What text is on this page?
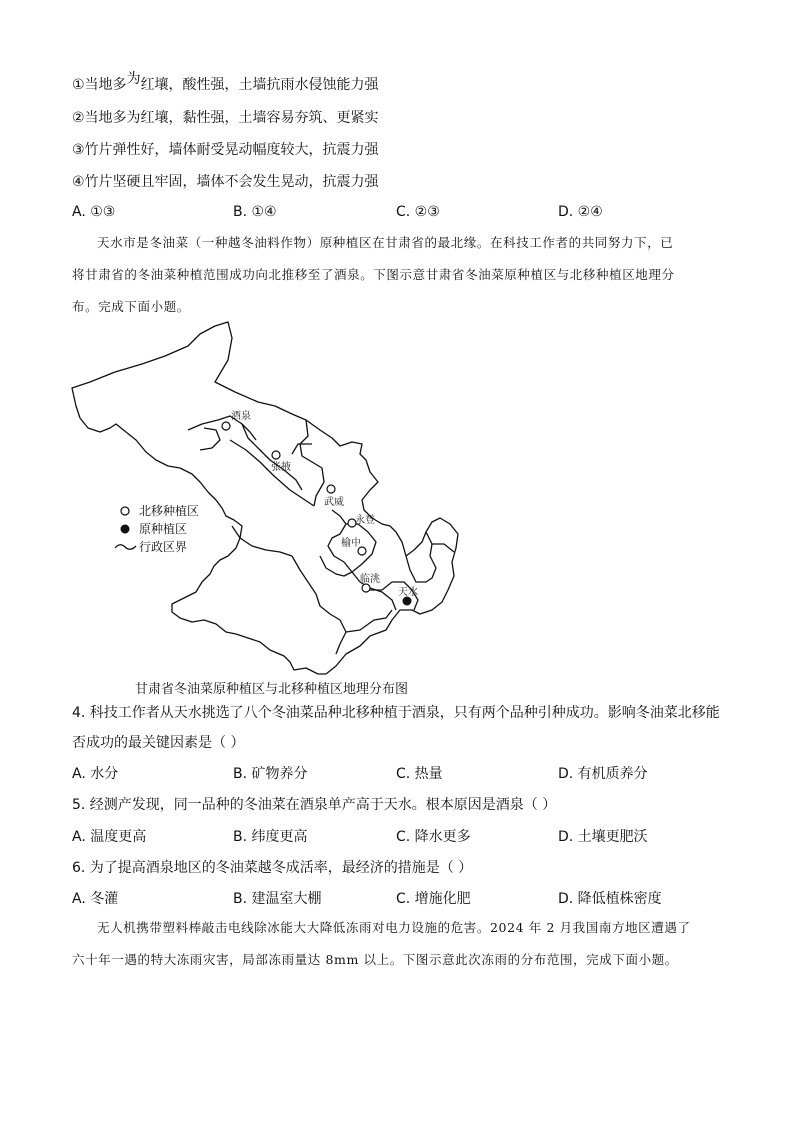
①当地多为红壤，酸性强，土墙抗雨水侵蚀能力强
②当地多为红壤，黏性强，土墙容易夯筑、更紧实
③竹片弹性好，墙体耐受晃动幅度较大，抗震力强
④竹片坚硬且牢固，墙体不会发生晃动，抗震力强
A. ①③	B. ①④	C. ②③	D. ②④

天水市是冬油菜（一种越冬油料作物）原种植区在甘肃省的最北缘。在科技工作者的共同努力下，已

将甘肃省的冬油菜种植范围成功向北推移至了酒泉。下图示意甘肃省冬油菜原种植区与北移种植区地理分

布。完成下面小题。

酒泉
张掖
武威
永登
榆中
临洮
天水
北移种植区
原种植区
行政区界
甘肃省冬油菜原种植区与北移种植区地理分布图
4. 科技工作者从天水挑选了八个冬油菜品种北移种植于酒泉，只有两个品种引种成功。影响冬油菜北移能
否成功的最关键因素是（ ）
A. 水分	B. 矿物养分	C. 热量	D. 有机质养分
5. 经测产发现，同一品种的冬油菜在酒泉单产高于天水。根本原因是酒泉（ ）
A. 温度更高	B. 纬度更高	C. 降水更多	D. 土壤更肥沃
6. 为了提高酒泉地区的冬油菜越冬成活率，最经济的措施是（ ）
A. 冬灌	B. 建温室大棚	C. 增施化肥	D. 降低植株密度

无人机携带塑料棒敲击电线除冰能大大降低冻雨对电力设施的危害。2024 年 2 月我国南方地区遭遇了

六十年一遇的特大冻雨灾害，局部冻雨量达 8mm 以上。下图示意此次冻雨的分布范围，完成下面小题。
